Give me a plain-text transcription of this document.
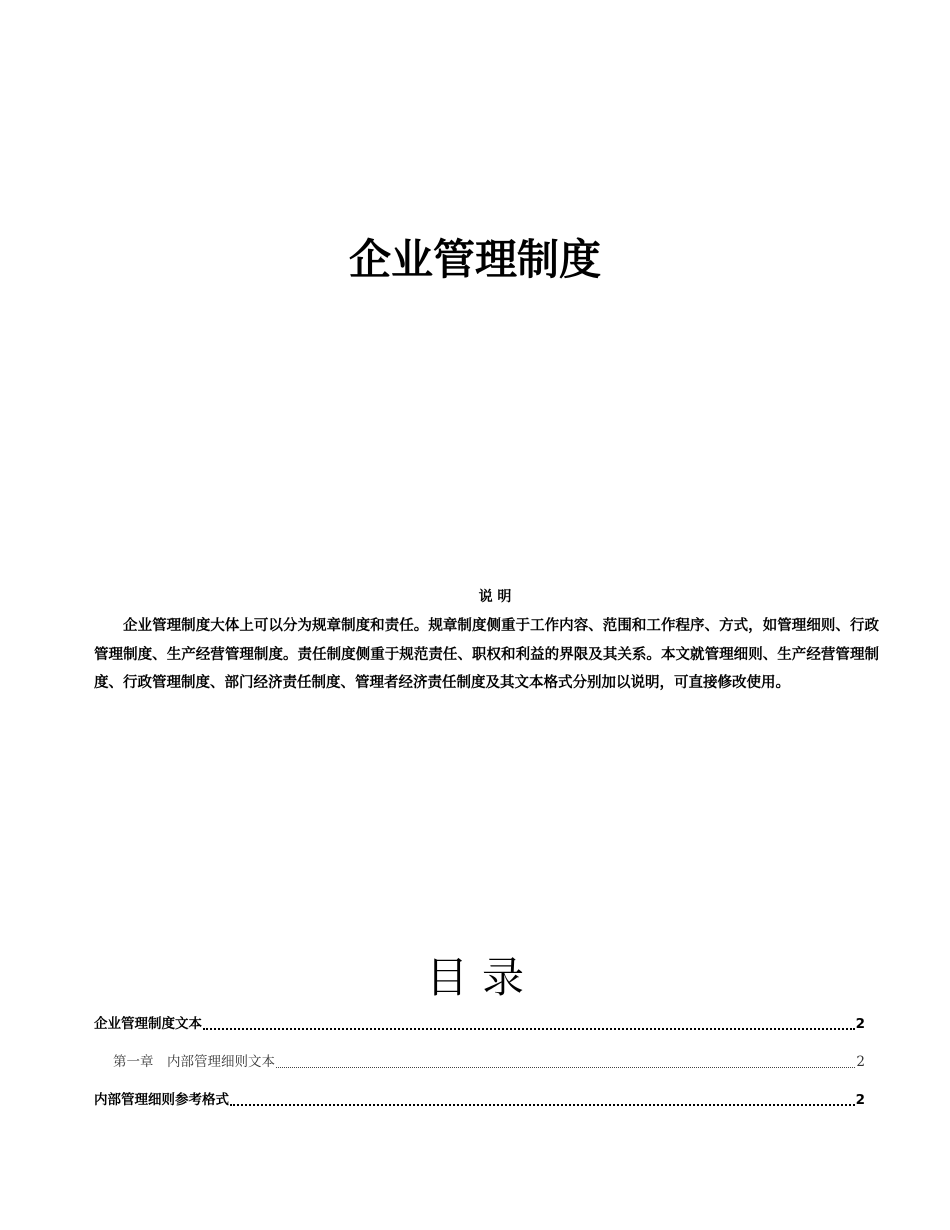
企业管理制度
说 明

企业管理制度大体上可以分为规章制度和责任。规章制度侧重于工作内容、范围和工作程序、方式，如管理细则、行政管理制度、生产经营管理制度。责任制度侧重于规范责任、职权和利益的界限及其关系。本文就管理细则、生产经营管理制度、行政管理制度、部门经济责任制度、管理者经济责任制度及其文本格式分别加以说明，可直接修改使用。

目录
企业管理制度文本	2
第一章　内部管理细则文本	2
内部管理细则参考格式	2
